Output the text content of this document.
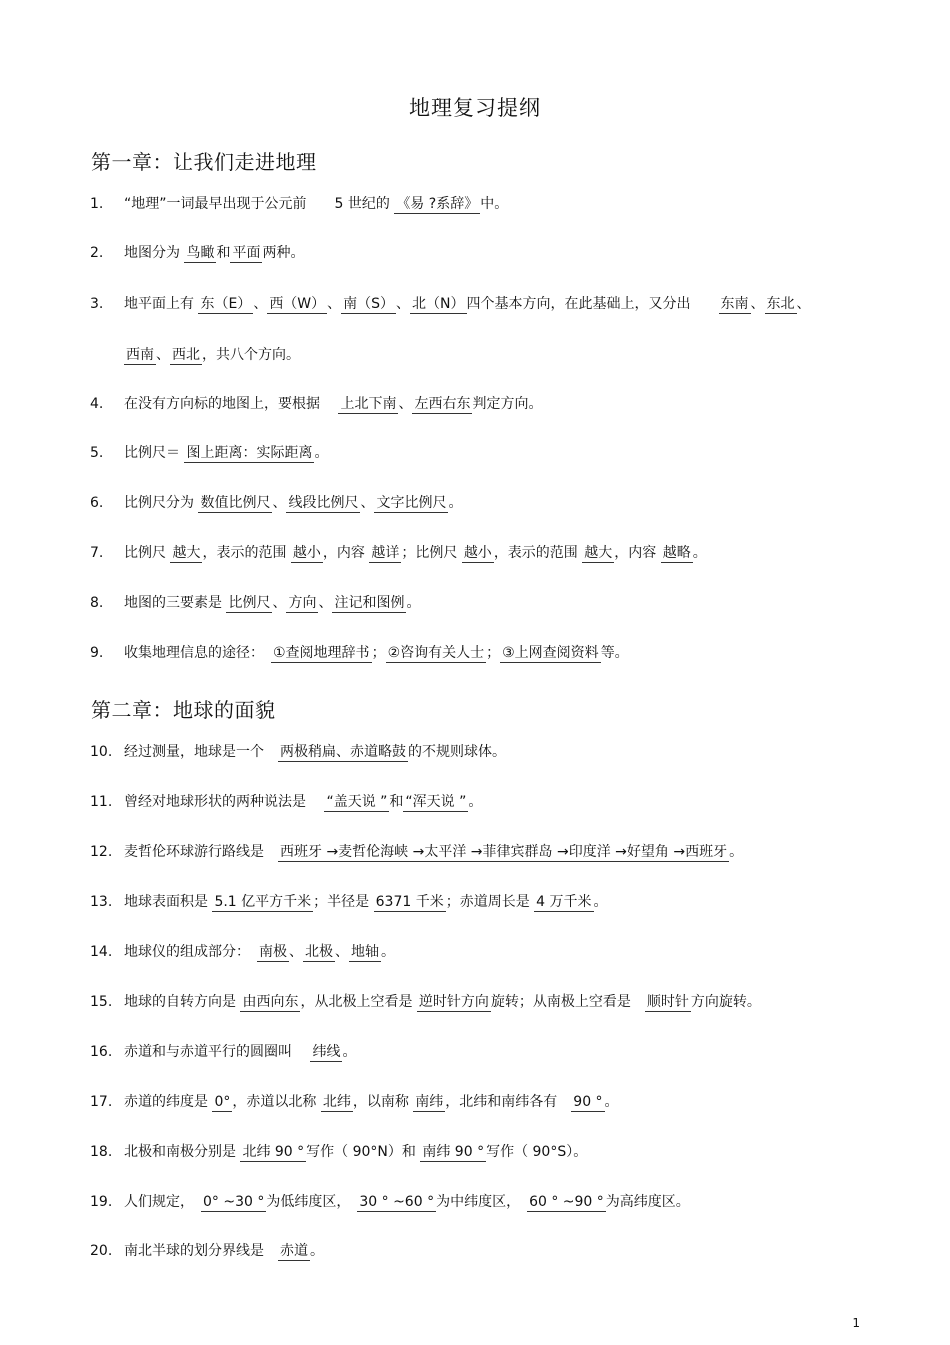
地理复习提纲
第一章：让我们走进地理
第二章：地球的面貌
1. “地理”一词最早出现于公元前　　5 世纪的 《易 ?系辞》中。
2. 地图分为 鸟瞰 和 平面 两种。
3. 地平面上有 东（E） 、 西（W） 、 南（S） 、 北（N） 四个基本方向，在此基础上，又分出　　东南 、 东北 、
西南 、 西北 ，共八个方向。
4. 在没有方向标的地图上，要根据　 上北下南 、 左西右东 判定方向。
5. 比例尺＝ 图上距离：实际距离。
6. 比例尺分为 数值比例尺、 线段比例尺、 文字比例尺。
7. 比例尺 越大 ，表示的范围 越小 ，内容 越详 ；比例尺 越小 ，表示的范围 越大 ，内容 越略 。
8. 地图的三要素是 比例尺 、 方向 、 注记和图例。
9. 收集地理信息的途径：　①查阅地理辞书； ②咨询有关人士； ③上网查阅资料等。
10. 经过测量，地球是一个　两极稍扁、赤道略鼓的不规则球体。
11. 曾经对地球形状的两种说法是　 “盖天说 ” 和 “浑天说 ” 。
12. 麦哲伦环球游行路线是　西班牙 →麦哲伦海峡 →太平洋 →菲律宾群岛 →印度洋 →好望角 →西班牙 。
13. 地球表面积是 5.1 亿平方千米 ；半径是 6371 千米 ；赤道周长是 4 万千米 。
14. 地球仪的组成部分：　南极 、 北极 、 地轴 。
15. 地球的自转方向是 由西向东 ，从北极上空看是 逆时针方向旋转；从南极上空看是　顺时针方向旋转。
16. 赤道和与赤道平行的圆圈叫　 纬线 。
17. 赤道的纬度是 0° ，赤道以北称 北纬 ，以南称 南纬 ，北纬和南纬各有　90 ° 。
18. 北极和南极分别是 北纬 90 ° 写作（ 90°N）和 南纬 90 ° 写作（ 90°S）。
19. 人们规定，　0° ~30 ° 为低纬度区，　30 ° ~60 ° 为中纬度区，　60 ° ~90 ° 为高纬度区。
20. 南北半球的划分界线是　赤道 。
1
